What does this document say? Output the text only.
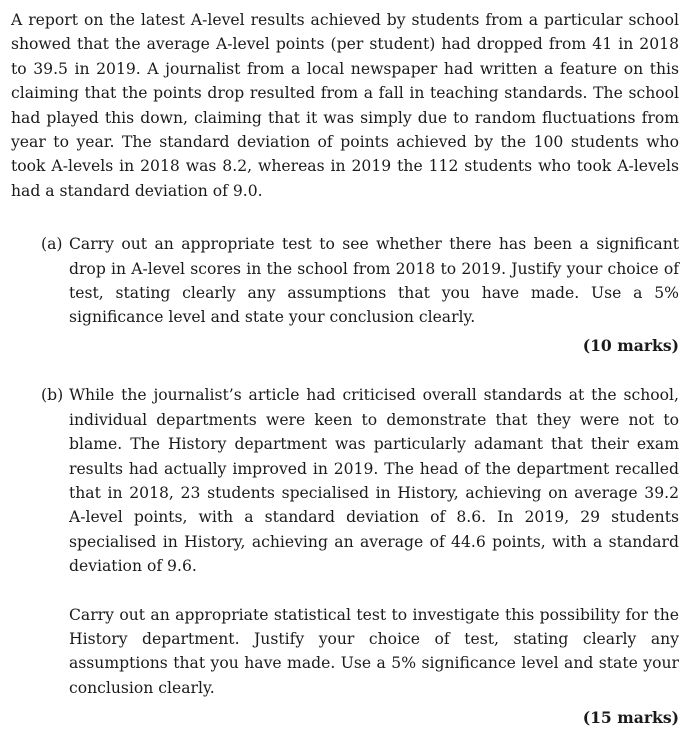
A report on the latest A-level results achieved by students from a particular school showed that the average A-level points (per student) had dropped from 41 in 2018 to 39.5 in 2019. A journalist from a local newspaper had written a feature on this claiming that the points drop resulted from a fall in teaching standards. The school had played this down, claiming that it was simply due to random fluctuations from year to year. The standard deviation of points achieved by the 100 students who took A-levels in 2018 was 8.2, whereas in 2019 the 112 students who took A-levels had a standard deviation of 9.0.

(a) Carry out an appropriate test to see whether there has been a significant drop in A-level scores in the school from 2018 to 2019. Justify your choice of test, stating clearly any assumptions that you have made. Use a 5% significance level and state your conclusion clearly.

(10 marks)
(b) While the journalist’s article had criticised overall standards at the school, individual departments were keen to demonstrate that they were not to blame. The History department was particularly adamant that their exam results had actually improved in 2019. The head of the department recalled that in 2018, 23 students specialised in History, achieving on average 39.2 A-level points, with a standard deviation of 8.6. In 2019, 29 students specialised in History, achieving an average of 44.6 points, with a standard deviation of 9.6.

Carry out an appropriate statistical test to investigate this possibility for the History department. Justify your choice of test, stating clearly any assumptions that you have made. Use a 5% significance level and state your conclusion clearly.

(15 marks)
